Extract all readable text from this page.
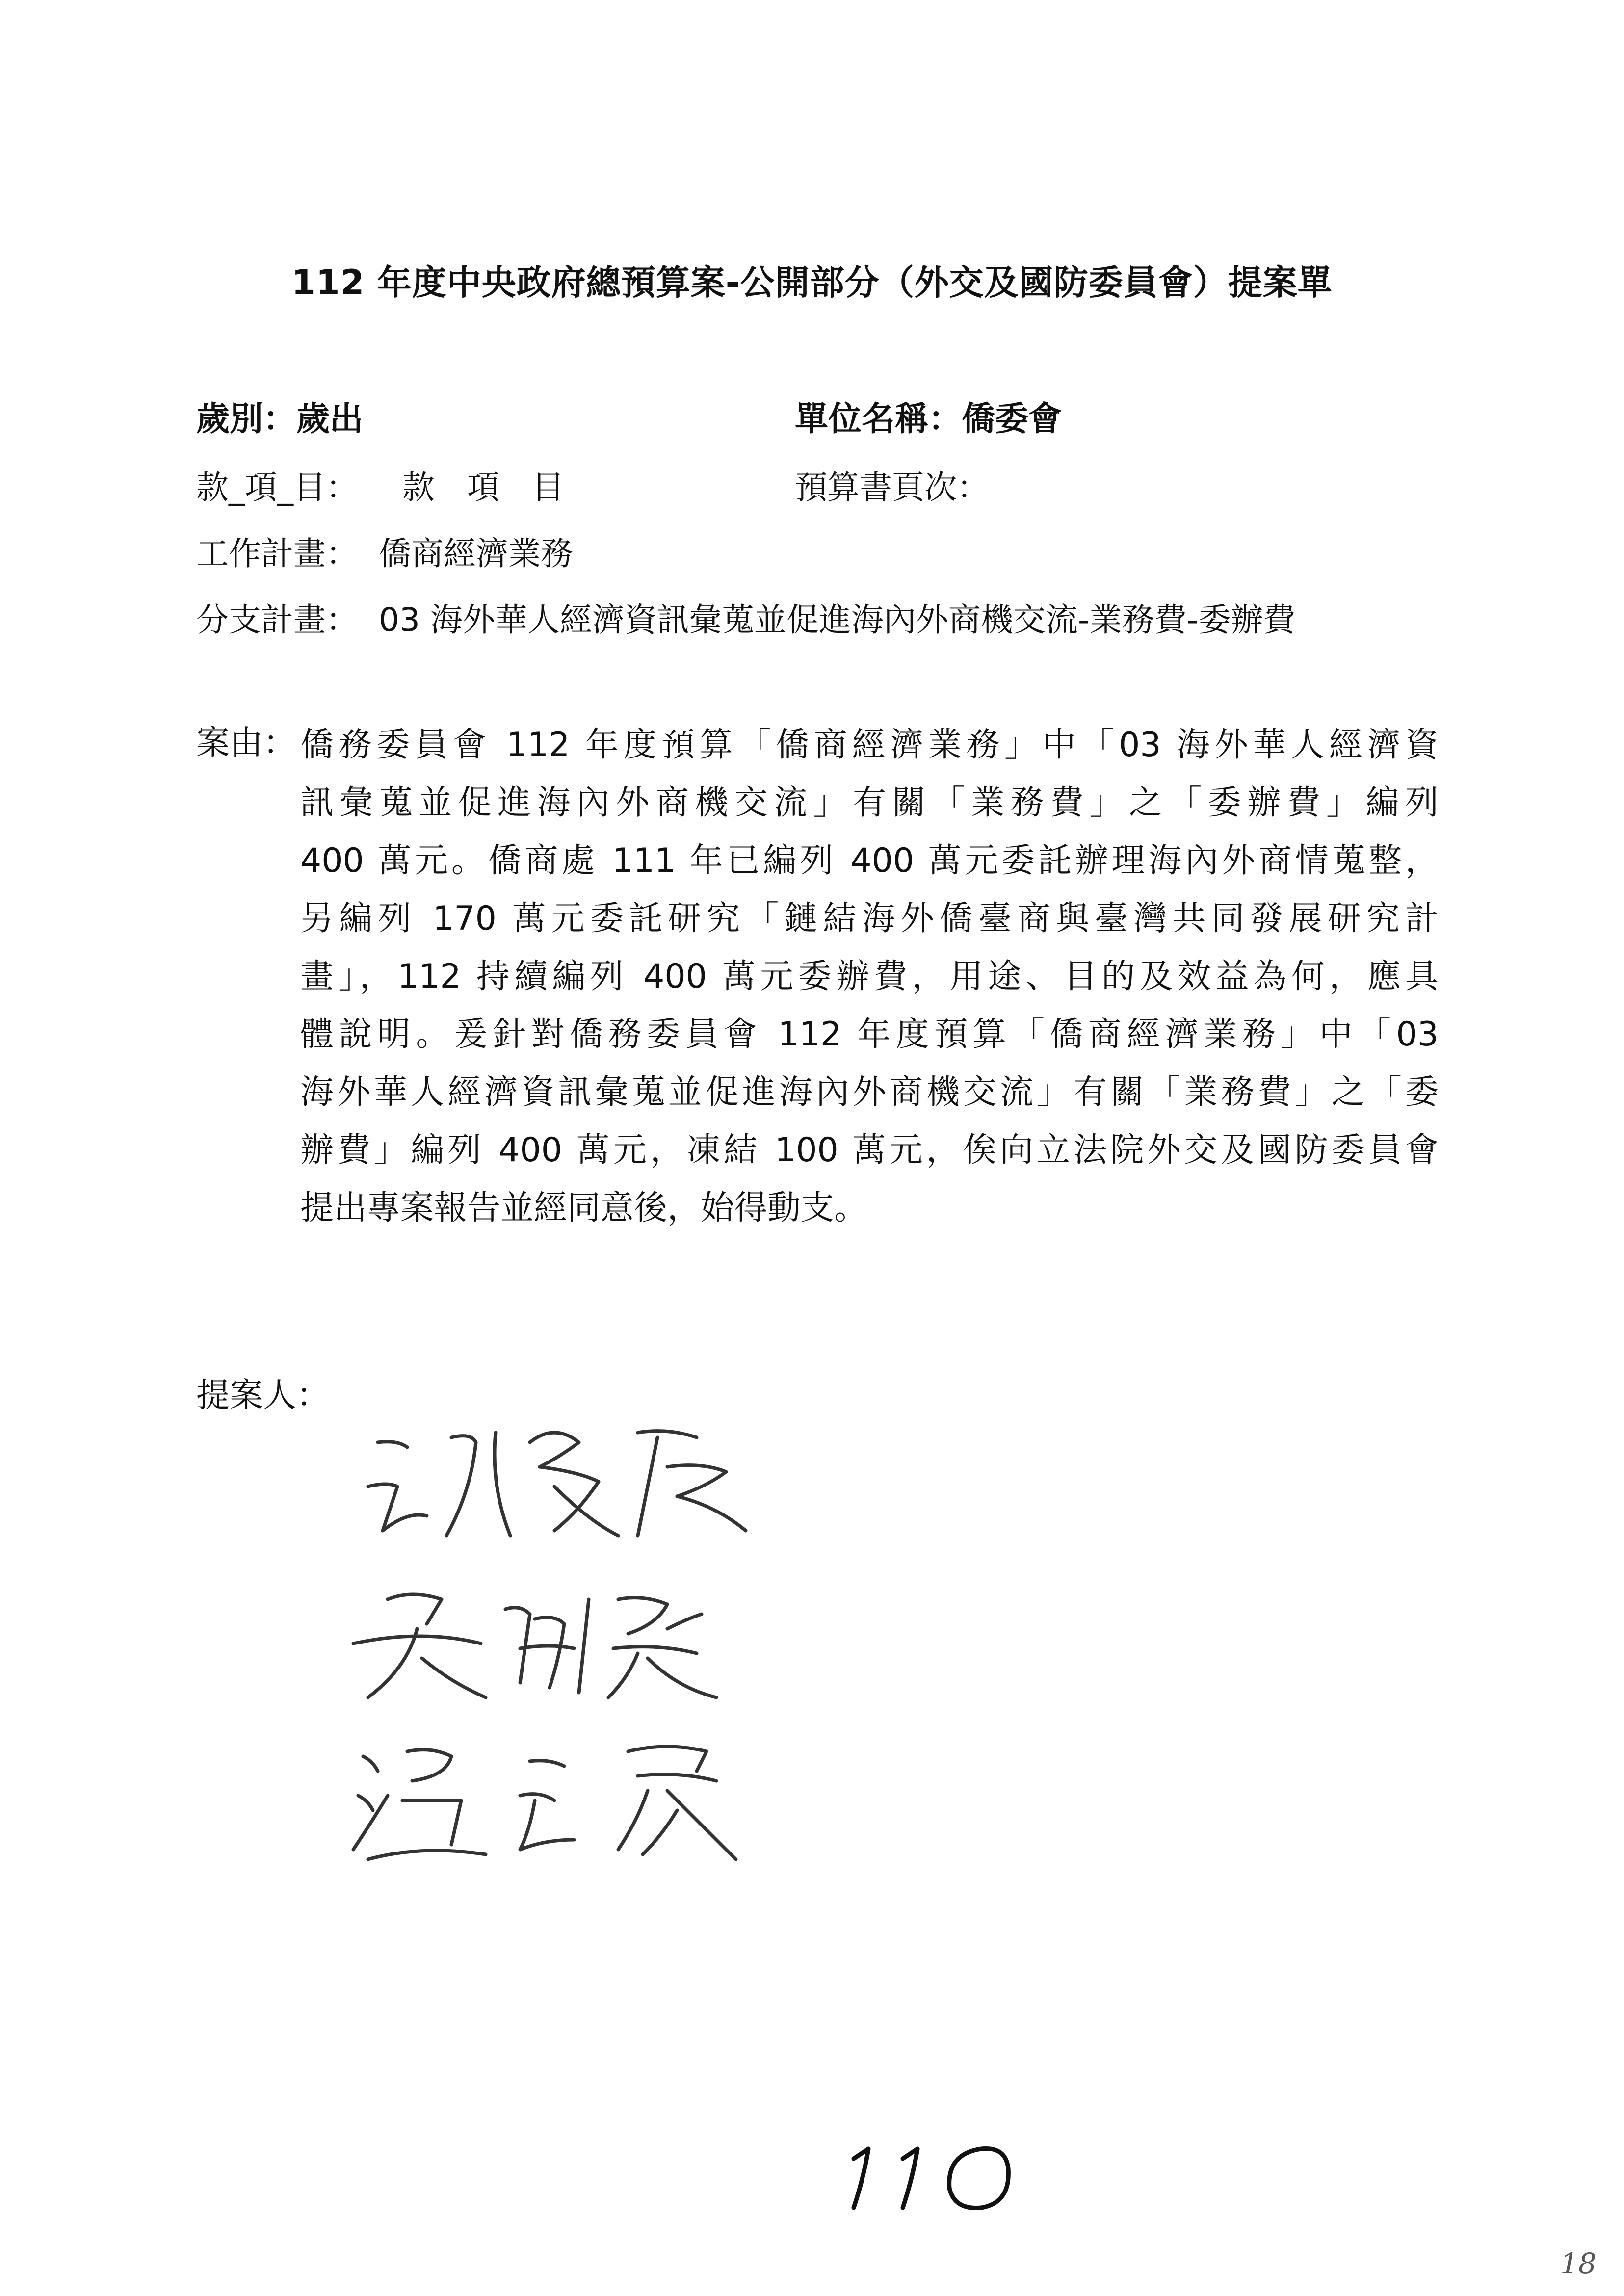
112 年度中央政府總預算案-公開部分（外交及國防委員會）提案單
歲別：歲出	單位名稱：僑委會
款_項_目： 款　項　目	預算書頁次：
工作計畫： 僑商經濟業務
分支計畫： 03 海外華人經濟資訊彙蒐並促進海內外商機交流-業務費-委辦費
案由： 僑務委員會 112 年度預算「僑商經濟業務」中「03 海外華人經濟資
訊彙蒐並促進海內外商機交流」有關「業務費」之「委辦費」編列
400 萬元。僑商處 111 年已編列 400 萬元委託辦理海內外商情蒐整，
另編列 170 萬元委託研究「鏈結海外僑臺商與臺灣共同發展研究計
畫」，112 持續編列 400 萬元委辦費，用途、目的及效益為何，應具
體說明。爰針對僑務委員會 112 年度預算「僑商經濟業務」中「03
海外華人經濟資訊彙蒐並促進海內外商機交流」有關「業務費」之「委
辦費」編列 400 萬元，凍結 100 萬元，俟向立法院外交及國防委員會
提出專案報告並經同意後，始得動支。
提案人：
18
